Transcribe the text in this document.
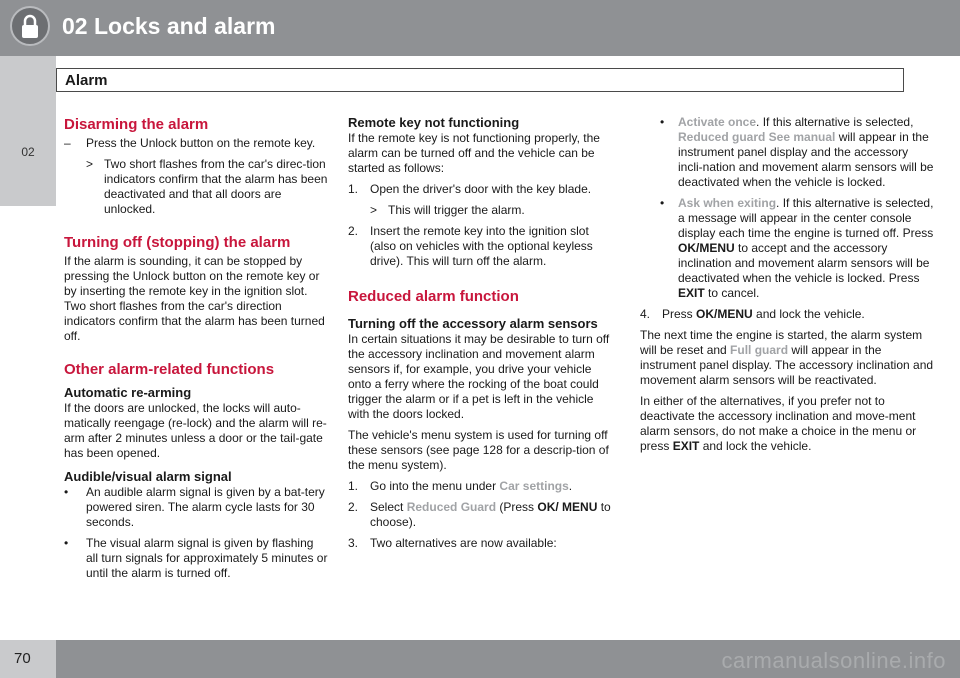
02 Locks and alarm
02
Alarm
Disarming the alarm
–	Press the Unlock button on the remote key.
> Two short flashes from the car's direc-tion indicators confirm that the alarm has been deactivated and that all doors are unlocked.
Turning off (stopping) the alarm

If the alarm is sounding, it can be stopped by pressing the Unlock button on the remote key or by inserting the remote key in the ignition slot. Two short flashes from the car's direction indicators confirm that the alarm has been turned off.

Other alarm-related functions
Automatic re-arming

If the doors are unlocked, the locks will auto-matically reengage (re-lock) and the alarm will re-arm after 2 minutes unless a door or the tail-gate has been opened.

Audible/visual alarm signal
•	An audible alarm signal is given by a bat-tery powered siren. The alarm cycle lasts for 30 seconds.
•	The visual alarm signal is given by flashing all turn signals for approximately 5 minutes or until the alarm is turned off.
Remote key not functioning

If the remote key is not functioning properly, the alarm can be turned off and the vehicle can be started as follows:

1. Open the driver's door with the key blade.
> This will trigger the alarm.
2. Insert the remote key into the ignition slot (also on vehicles with the optional keyless drive). This will turn off the alarm.
Reduced alarm function
Turning off the accessory alarm sensors

In certain situations it may be desirable to turn off the accessory inclination and movement alarm sensors if, for example, you drive your vehicle onto a ferry where the rocking of the boat could trigger the alarm or if a pet is left in the vehicle with the doors locked.

The vehicle's menu system is used for turning off these sensors (see page 128 for a descrip-tion of the menu system).

1. Go into the menu under Car settings.
2. Select Reduced Guard (Press OK/ MENU to choose).
3. Two alternatives are now available:
•	Activate once. If this alternative is selected, Reduced guard See manual will appear in the instrument panel display and the accessory incli-nation and movement alarm sensors will be deactivated when the vehicle is locked.
•	Ask when exiting. If this alternative is selected, a message will appear in the center console display each time the engine is turned off. Press OK/MENU to accept and the accessory inclination and movement alarm sensors will be deactivated when the vehicle is locked. Press EXIT to cancel.
4. Press OK/MENU and lock the vehicle.

The next time the engine is started, the alarm system will be reset and Full guard will appear in the instrument panel display. The accessory inclination and movement alarm sensors will be reactivated.

In either of the alternatives, if you prefer not to deactivate the accessory inclination and move-ment alarm sensors, do not make a choice in the menu or press EXIT and lock the vehicle.

70	carmanualsonline.info
